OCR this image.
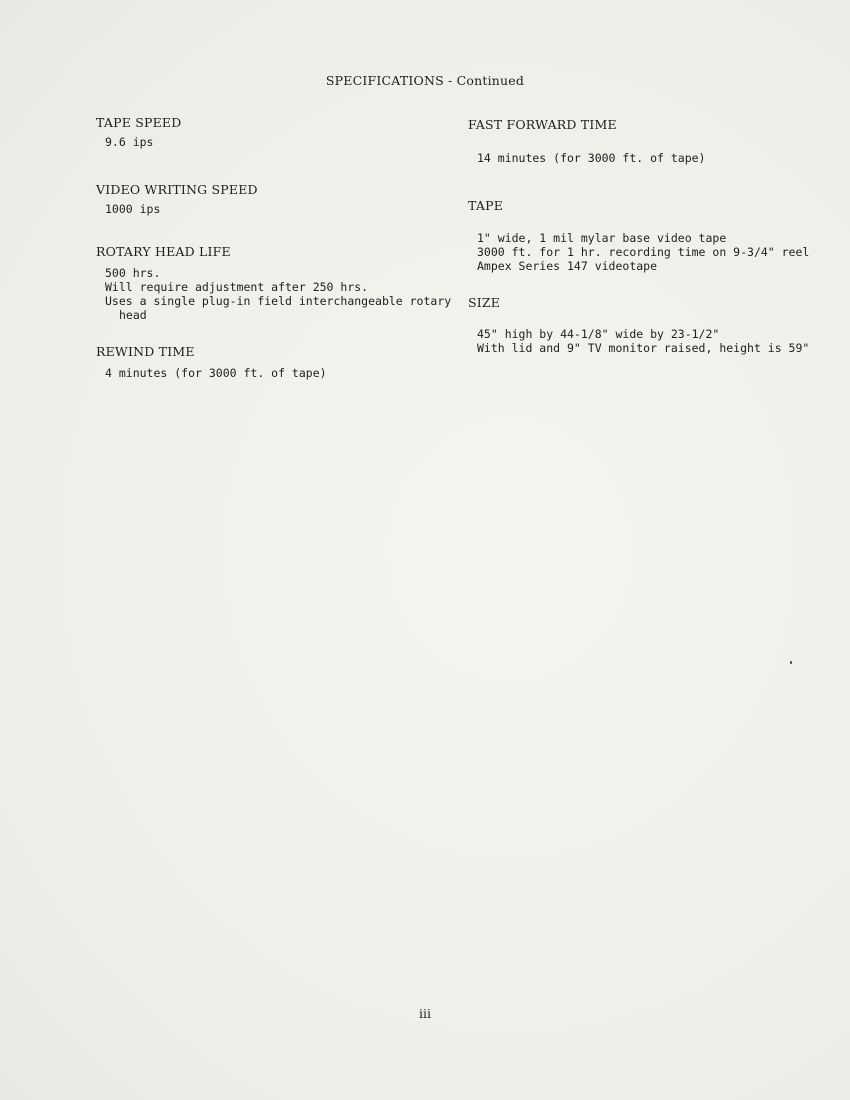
SPECIFICATIONS - Continued
TAPE SPEED
9.6 ips
VIDEO WRITING SPEED
1000 ips
ROTARY HEAD LIFE
500 hrs.
Will require adjustment after 250 hrs.
Uses a single plug-in field interchangeable rotary
head
REWIND TIME
4 minutes (for 3000 ft. of tape)
FAST FORWARD TIME
14 minutes (for 3000 ft. of tape)
TAPE
1" wide, 1 mil mylar base video tape
3000 ft. for 1 hr. recording time on 9-3/4" reel
Ampex Series 147 videotape
SIZE
45" high by 44-1/8" wide by 23-1/2"
With lid and 9" TV monitor raised, height is 59"
iii
